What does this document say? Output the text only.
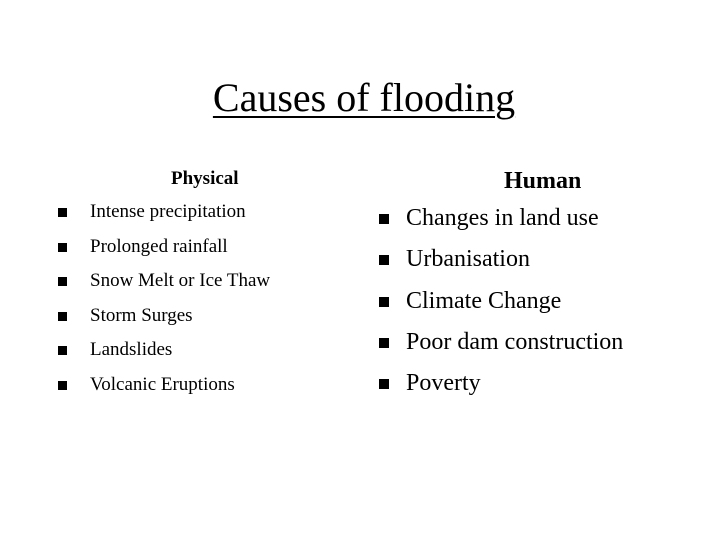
Causes of flooding
Physical
Intense precipitation
Prolonged rainfall
Snow Melt or Ice Thaw
Storm Surges
Landslides
Volcanic Eruptions
Human
Changes in land use
Urbanisation
Climate Change
Poor dam construction
Poverty
